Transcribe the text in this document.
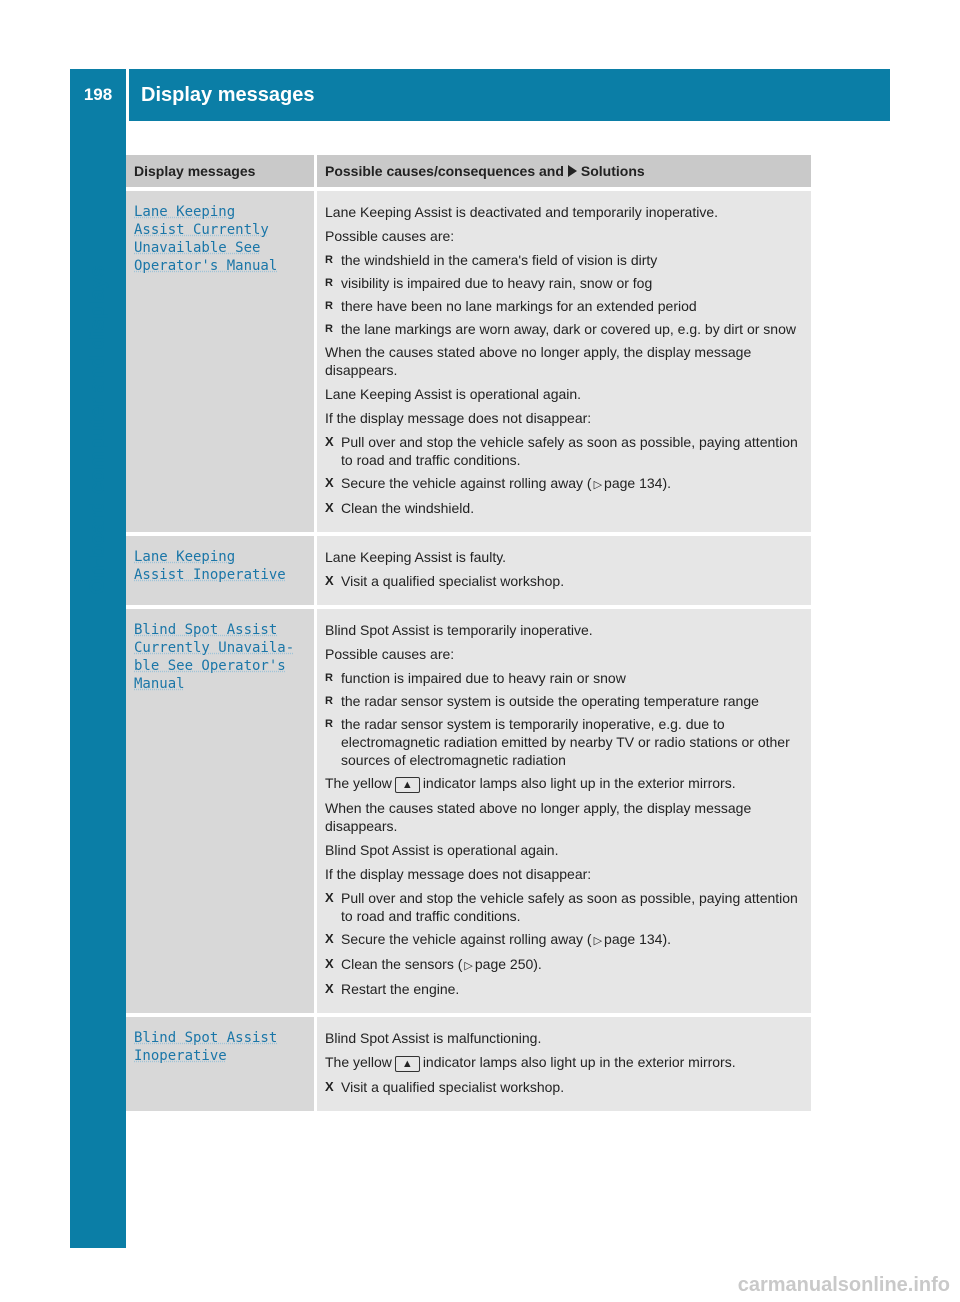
198	Display messages
On-board computer and displays
Display messages	Possible causes/consequences and Solutions
Lane Keeping
Assist Currently
Unavailable See
Operator's Manual

Lane Keeping Assist is deactivated and temporarily inoperative.

Possible causes are:

R the windshield in the camera's field of vision is dirty
R visibility is impaired due to heavy rain, snow or fog
R there have been no lane markings for an extended period
R the lane markings are worn away, dark or covered up, e.g. by dirt or snow

When the causes stated above no longer apply, the display message disappears.

Lane Keeping Assist is operational again.

If the display message does not disappear:

X Pull over and stop the vehicle safely as soon as possible, paying attention to road and traffic conditions.
X Secure the vehicle against rolling away ( ▷ page 134).
X Clean the windshield.
Lane Keeping
Assist Inoperative

Lane Keeping Assist is faulty.

X Visit a qualified specialist workshop.
Blind Spot Assist
Currently Unavaila-
ble See Operator's
Manual

Blind Spot Assist is temporarily inoperative.

Possible causes are:

R function is impaired due to heavy rain or snow
R the radar sensor system is outside the operating temperature range
R the radar sensor system is temporarily inoperative, e.g. due to electromagnetic radiation emitted by nearby TV or radio stations or other sources of electromagnetic radiation

The yellow ▲ indicator lamps also light up in the exterior mirrors.

When the causes stated above no longer apply, the display message disappears.

Blind Spot Assist is operational again.

If the display message does not disappear:

X Pull over and stop the vehicle safely as soon as possible, paying attention to road and traffic conditions.
X Secure the vehicle against rolling away ( ▷ page 134).
X Clean the sensors ( ▷ page 250).
X Restart the engine.
Blind Spot Assist
Inoperative

Blind Spot Assist is malfunctioning.

The yellow ▲ indicator lamps also light up in the exterior mirrors.

X Visit a qualified specialist workshop.
carmanualsonline.info
